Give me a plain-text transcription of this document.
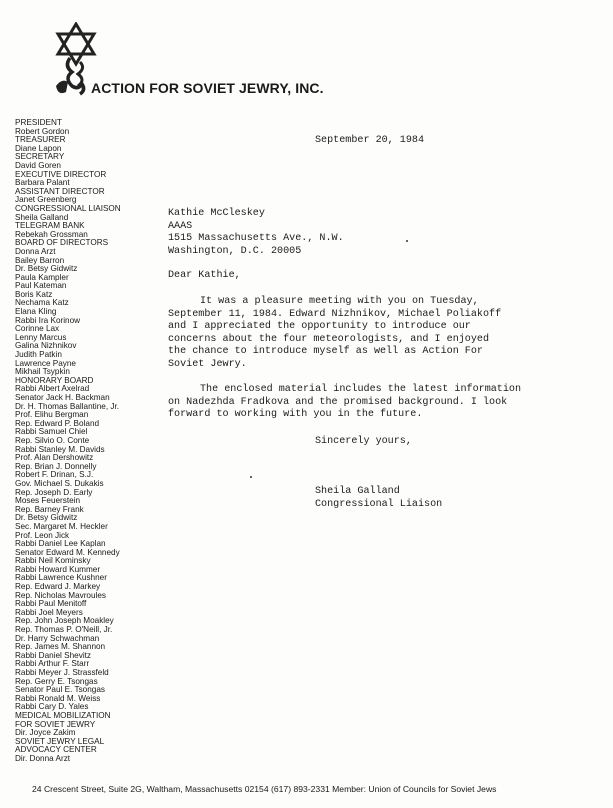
ACTION FOR SOVIET JEWRY, INC.
PRESIDENT
Robert Gordon
TREASURER
Diane Lapon
SECRETARY
David Goren
EXECUTIVE DIRECTOR
Barbara Palant
ASSISTANT DIRECTOR
Janet Greenberg
CONGRESSIONAL LIAISON
Sheila Galland
TELEGRAM BANK
Rebekah Grossman
BOARD OF DIRECTORS
Donna Arzt
Bailey Barron
Dr. Betsy Gidwitz
Paula Kampler
Paul Kateman
Boris Katz
Nechama Katz
Elana Kling
Rabbi Ira Korinow
Corinne Lax
Lenny Marcus
Galina Nizhnikov
Judith Patkin
Lawrence Payne
Mikhail Tsypkin
HONORARY BOARD
Rabbi Albert Axelrad
Senator Jack H. Backman
Dr. H. Thomas Ballantine, Jr.
Prof. Elihu Bergman
Rep. Edward P. Boland
Rabbi Samuel Chiel
Rep. Silvio O. Conte
Rabbi Stanley M. Davids
Prof. Alan Dershowitz
Rep. Brian J. Donnelly
Robert F. Drinan, S.J.
Gov. Michael S. Dukakis
Rep. Joseph D. Early
Moses Feuerstein
Rep. Barney Frank
Dr. Betsy Gidwitz
Sec. Margaret M. Heckler
Prof. Leon Jick
Rabbi Daniel Lee Kaplan
Senator Edward M. Kennedy
Rabbi Neil Kominsky
Rabbi Howard Kummer
Rabbi Lawrence Kushner
Rep. Edward J. Markey
Rep. Nicholas Mavroules
Rabbi Paul Menitoff
Rabbi Joel Meyers
Rep. John Joseph Moakley
Rep. Thomas P. O'Neill, Jr.
Dr. Harry Schwachman
Rep. James M. Shannon
Rabbi Daniel Shevitz
Rabbi Arthur F. Starr
Rabbi Meyer J. Strassfeld
Rep. Gerry E. Tsongas
Senator Paul E. Tsongas
Rabbi Ronald M. Weiss
Rabbi Cary D. Yales
MEDICAL MOBILIZATION
FOR SOVIET JEWRY
Dir. Joyce Zakim
SOVIET JEWRY LEGAL
ADVOCACY CENTER
Dir. Donna Arzt
September 20, 1984
Kathie McCleskey
AAAS
1515 Massachusetts Ave., N.W.
Washington, D.C. 20005
Dear Kathie,
It was a pleasure meeting with you on Tuesday,
September 11, 1984. Edward Nizhnikov, Michael Poliakoff
and I appreciated the opportunity to introduce our
concerns about the four meteorologists, and I enjoyed
the chance to introduce myself as well as Action For
Soviet Jewry.
The enclosed material includes the latest information
on Nadezhda Fradkova and the promised background. I look
forward to working with you in the future.
Sincerely yours,
Sheila Galland
Congressional Liaison
24 Crescent Street, Suite 2G, Waltham, Massachusetts 02154 (617) 893-2331 Member: Union of Councils for Soviet Jews
